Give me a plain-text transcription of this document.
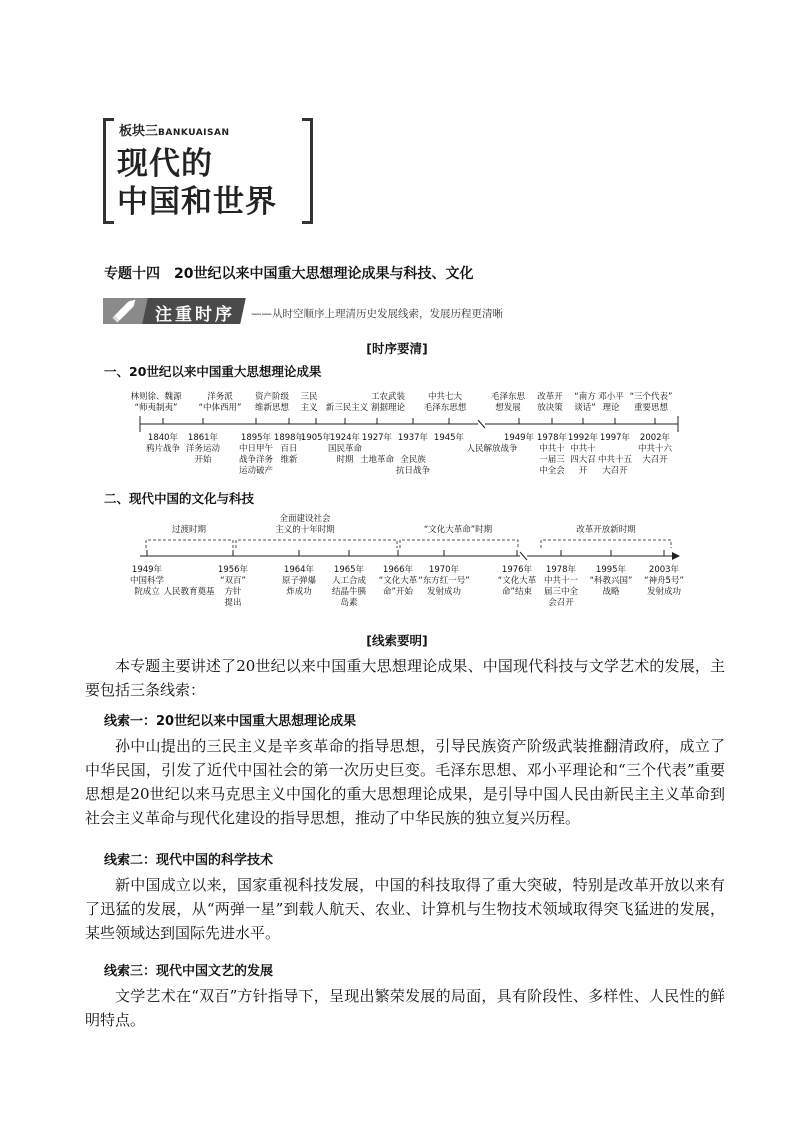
板块三BANKUAISAN
现代的
中国和世界
专题十四　20世纪以来中国重大思想理论成果与科技、文化
注重时序 ——从时空顺序上理清历史发展线索，发展历程更清晰
[时序要清]
一、20世纪以来中国重大思想理论成果
林则徐、魏源
“师夷制夷”
洋务派
“中体西用”
资产阶级
维新思想
三民
主义 新三民主义
工农武装
割据理论
中共七大
毛泽东思想
毛泽东思
想发展
改革开
放决策
“南方
谈话”
邓小平
理论
“三个代表”
重要思想
1840年
鸦片战争
1861年
洋务运动
开始
1895年
中日甲午
战争洋务
运动破产
1898年
百日
维新
1905年
1924年
国民革命
时期
1927年

土地革命
1937年

全民族
抗日战争
1945年

人民解放战争
1949年 1978年
中共十
一届三
中全会
1992年
中共十
四大召
开
1997年

中共十五
大召开
2002年
中共十六
大召开
二、现代中国的文化与科技
过渡时期
全面建设社会
主义的十年时期	“文化大革命”时期	改革开放新时期
1949年
中国科学
院成立 人民教育奠基
1956年
“双百”
方针
提出
1964年
原子弹爆
炸成功
1965年
人工合成
结晶牛胰
岛素
1966年
“文化大革
命”开始
1970年
“东方红一号”
发射成功
1976年
“文化大革
命”结束
1978年
中共十一
届三中全
会召开
1995年
“科教兴国”
战略
2003年
“神舟5号”
发射成功
[线索要明]
本专题主要讲述了20世纪以来中国重大思想理论成果、中国现代科技与文学艺术的发展，主要包括三条线索：
线索一：20世纪以来中国重大思想理论成果
孙中山提出的三民主义是辛亥革命的指导思想，引导民族资产阶级武装推翻清政府，成立了中华民国，引发了近代中国社会的第一次历史巨变。毛泽东思想、邓小平理论和“三个代表”重要思想是20世纪以来马克思主义中国化的重大思想理论成果，是引导中国人民由新民主主义革命到社会主义革命与现代化建设的指导思想，推动了中华民族的独立复兴历程。
线索二：现代中国的科学技术
新中国成立以来，国家重视科技发展，中国的科技取得了重大突破，特别是改革开放以来有了迅猛的发展，从“两弹一星”到载人航天、农业、计算机与生物技术领域取得突飞猛进的发展，某些领域达到国际先进水平。
线索三：现代中国文艺的发展
文学艺术在“双百”方针指导下，呈现出繁荣发展的局面，具有阶段性、多样性、人民性的鲜明特点。
